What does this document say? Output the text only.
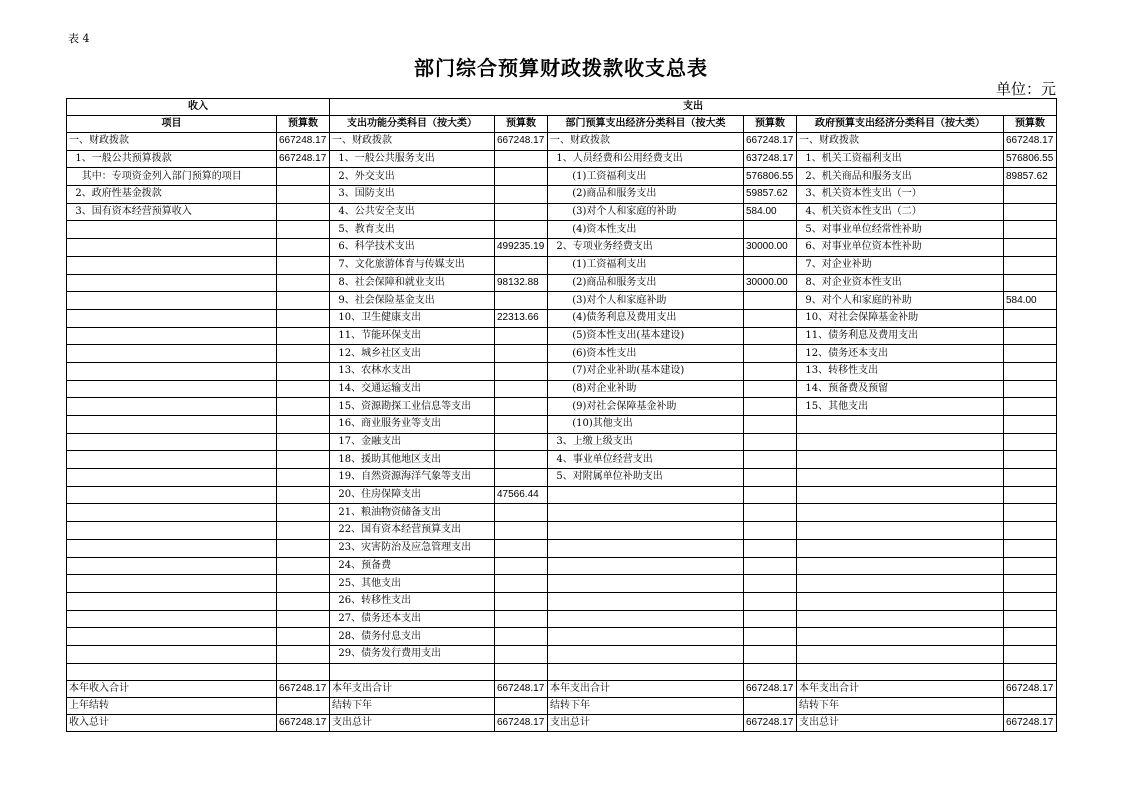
表 4
部门综合预算财政拨款收支总表
单位：元
收入		支出					
项目	预算数	支出功能分类科目（按大类）	预算数	部门预算支出经济分类科目（按大类	预算数	政府预算支出经济分类科目（按大类）	预算数
一、财政拨款	667248.17	一、财政拨款	667248.17	一、财政拨款	667248.17	一、财政拨款	667248.17
1、一般公共预算拨款	667248.17	1、一般公共服务支出		1、人员经费和公用经费支出	637248.17	1、机关工资福利支出	576806.55
其中：专项资金列入部门预算的项目		2、外交支出		(1)工资福利支出	576806.55	2、机关商品和服务支出	89857.62
2、政府性基金拨款		3、国防支出		(2)商品和服务支出	59857.62	3、机关资本性支出（一）	
3、国有资本经营预算收入		4、公共安全支出		(3)对个人和家庭的补助	584.00	4、机关资本性支出（二）	
		5、教育支出		(4)资本性支出		5、对事业单位经常性补助	
		6、科学技术支出	499235.19	2、专项业务经费支出	30000.00	6、对事业单位资本性补助	
		7、文化旅游体育与传媒支出		(1)工资福利支出		7、对企业补助	
		8、社会保障和就业支出	98132.88	(2)商品和服务支出	30000.00	8、对企业资本性支出	
		9、社会保险基金支出		(3)对个人和家庭补助		9、对个人和家庭的补助	584.00
		10、卫生健康支出	22313.66	(4)债务利息及费用支出		10、对社会保障基金补助	
		11、节能环保支出		(5)资本性支出(基本建设)		11、债务利息及费用支出	
		12、城乡社区支出		(6)资本性支出		12、债务还本支出	
		13、农林水支出		(7)对企业补助(基本建设)		13、转移性支出	
		14、交通运输支出		(8)对企业补助		14、预备费及预留	
		15、资源勘探工业信息等支出		(9)对社会保障基金补助		15、其他支出	
		16、商业服务业等支出		(10)其他支出			
		17、金融支出		3、上缴上级支出			
		18、援助其他地区支出		4、事业单位经营支出			
		19、自然资源海洋气象等支出		5、对附属单位补助支出			
		20、住房保障支出	47566.44				
		21、粮油物资储备支出					
		22、国有资本经营预算支出					
		23、灾害防治及应急管理支出					
		24、预备费					
		25、其他支出					
		26、转移性支出					
		27、债务还本支出					
		28、债务付息支出					
		29、债务发行费用支出					

本年收入合计	667248.17	本年支出合计	667248.17	本年支出合计	667248.17	本年支出合计	667248.17
上年结转		结转下年		结转下年		结转下年	
收入总计	667248.17	支出总计	667248.17	支出总计	667248.17	支出总计	667248.17
